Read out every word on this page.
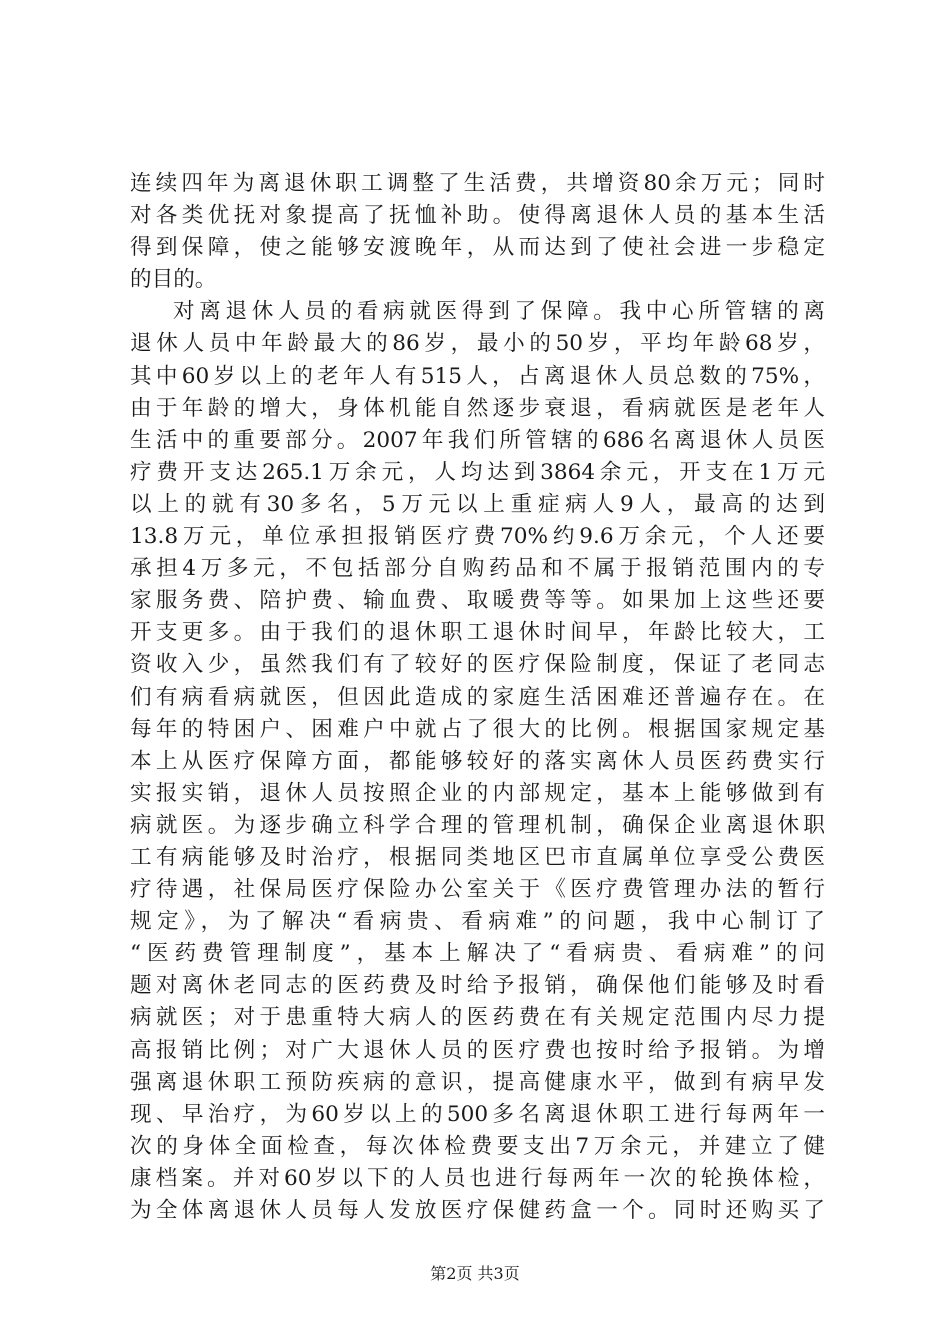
连续四年为离退休职工调整了生活费，共增资80余万元；同时
对各类优抚对象提高了抚恤补助。使得离退休人员的基本生活
得到保障，使之能够安渡晚年，从而达到了使社会进一步稳定
的目的。
对离退休人员的看病就医得到了保障。我中心所管辖的离
退休人员中年龄最大的86岁，最小的50岁，平均年龄68岁，
其中60岁以上的老年人有515人，占离退休人员总数的75%，
由于年龄的增大，身体机能自然逐步衰退，看病就医是老年人
生活中的重要部分。2007年我们所管辖的686名离退休人员医
疗费开支达265.1万余元，人均达到3864余元，开支在1万元
以上的就有30多名，5万元以上重症病人9人，最高的达到
13.8万元，单位承担报销医疗费70%约9.6万余元，个人还要
承担4万多元，不包括部分自购药品和不属于报销范围内的专
家服务费、陪护费、输血费、取暖费等等。如果加上这些还要
开支更多。由于我们的退休职工退休时间早，年龄比较大，工
资收入少，虽然我们有了较好的医疗保险制度，保证了老同志
们有病看病就医，但因此造成的家庭生活困难还普遍存在。在
每年的特困户、困难户中就占了很大的比例。根据国家规定基
本上从医疗保障方面，都能够较好的落实离休人员医药费实行
实报实销，退休人员按照企业的内部规定，基本上能够做到有
病就医。为逐步确立科学合理的管理机制，确保企业离退休职
工有病能够及时治疗，根据同类地区巴市直属单位享受公费医
疗待遇，社保局医疗保险办公室关于《医疗费管理办法的暂行
规定》，为了解决“看病贵、看病难”的问题，我中心制订了
“医药费管理制度”，基本上解决了“看病贵、看病难”的问
题对离休老同志的医药费及时给予报销，确保他们能够及时看
病就医；对于患重特大病人的医药费在有关规定范围内尽力提
高报销比例；对广大退休人员的医疗费也按时给予报销。为增
强离退休职工预防疾病的意识，提高健康水平，做到有病早发
现、早治疗，为60岁以上的500多名离退休职工进行每两年一
次的身体全面检查，每次体检费要支出7万余元，并建立了健
康档案。并对60岁以下的人员也进行每两年一次的轮换体检，
为全体离退休人员每人发放医疗保健药盒一个。同时还购买了
第2页 共3页
